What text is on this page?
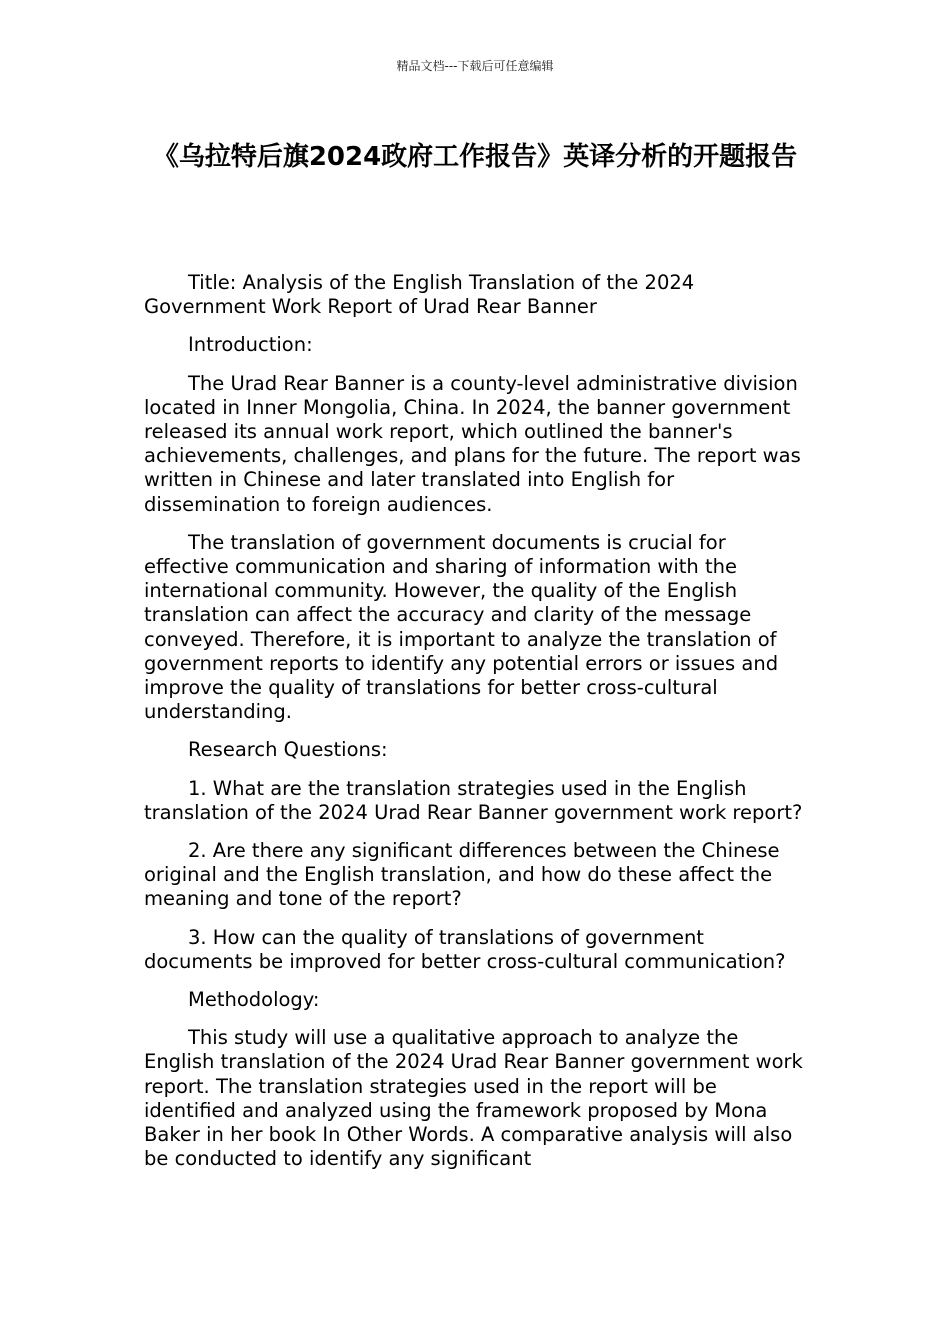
精品文档---下载后可任意编辑
《乌拉特后旗2024政府工作报告》英译分析的开题报告

Title: Analysis of the English Translation of the 2024 Government Work Report of Urad Rear Banner

Introduction:

The Urad Rear Banner is a county-level administrative division located in Inner Mongolia, China. In 2024, the banner government released its annual work report, which outlined the banner's achievements, challenges, and plans for the future. The report was written in Chinese and later translated into English for dissemination to foreign audiences.

The translation of government documents is crucial for effective communication and sharing of information with the international community. However, the quality of the English translation can affect the accuracy and clarity of the message conveyed. Therefore, it is important to analyze the translation of government reports to identify any potential errors or issues and improve the quality of translations for better cross-cultural understanding.

Research Questions:

1. What are the translation strategies used in the English translation of the 2024 Urad Rear Banner government work report?

2. Are there any significant differences between the Chinese original and the English translation, and how do these affect the meaning and tone of the report?

3. How can the quality of translations of government documents be improved for better cross-cultural communication?

Methodology:

This study will use a qualitative approach to analyze the English translation of the 2024 Urad Rear Banner government work report. The translation strategies used in the report will be identified and analyzed using the framework proposed by Mona Baker in her book In Other Words. A comparative analysis will also be conducted to identify any significant
